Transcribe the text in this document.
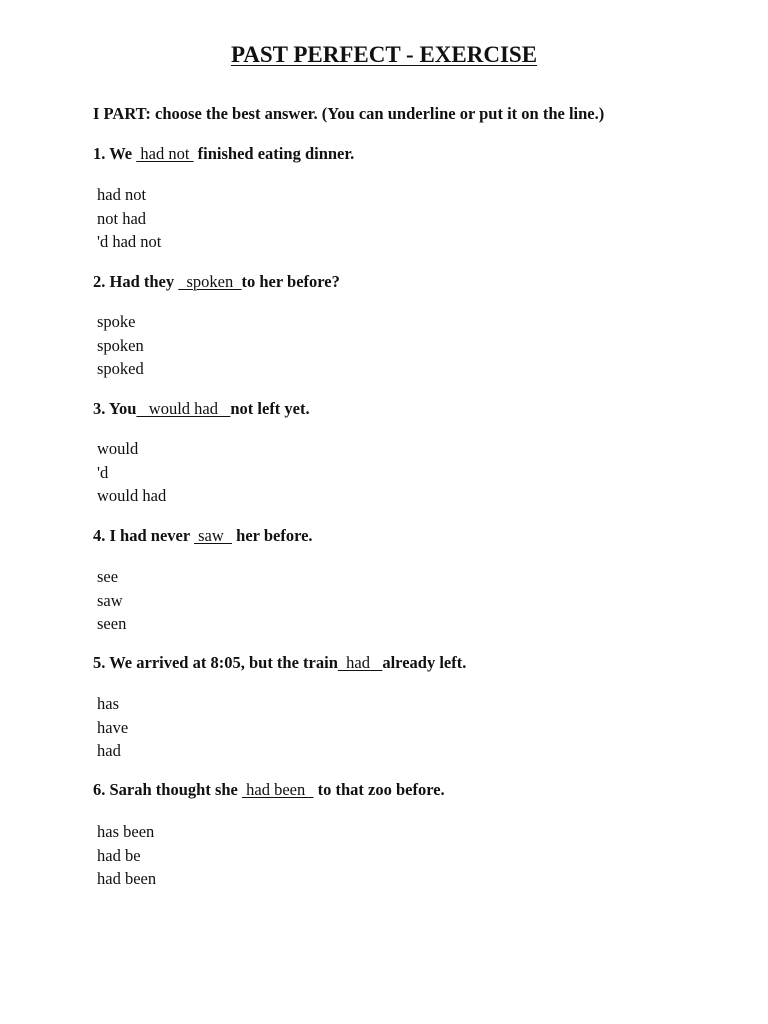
PAST PERFECT - EXERCISE
I PART: choose the best answer. (You can underline or put it on the line.)
1. We  had not  finished eating dinner.
had not
not had
'd had not
2. Had they   spoken  to her before?
spoke
spoken
spoked
3. You   would had   not left yet.
would
'd
would had
4. I had never  saw   her before.
see
saw
seen
5. We arrived at 8:05, but the train  had   already left.
has
have
had
6. Sarah thought she  had been   to that zoo before.
has been
had be
had been
